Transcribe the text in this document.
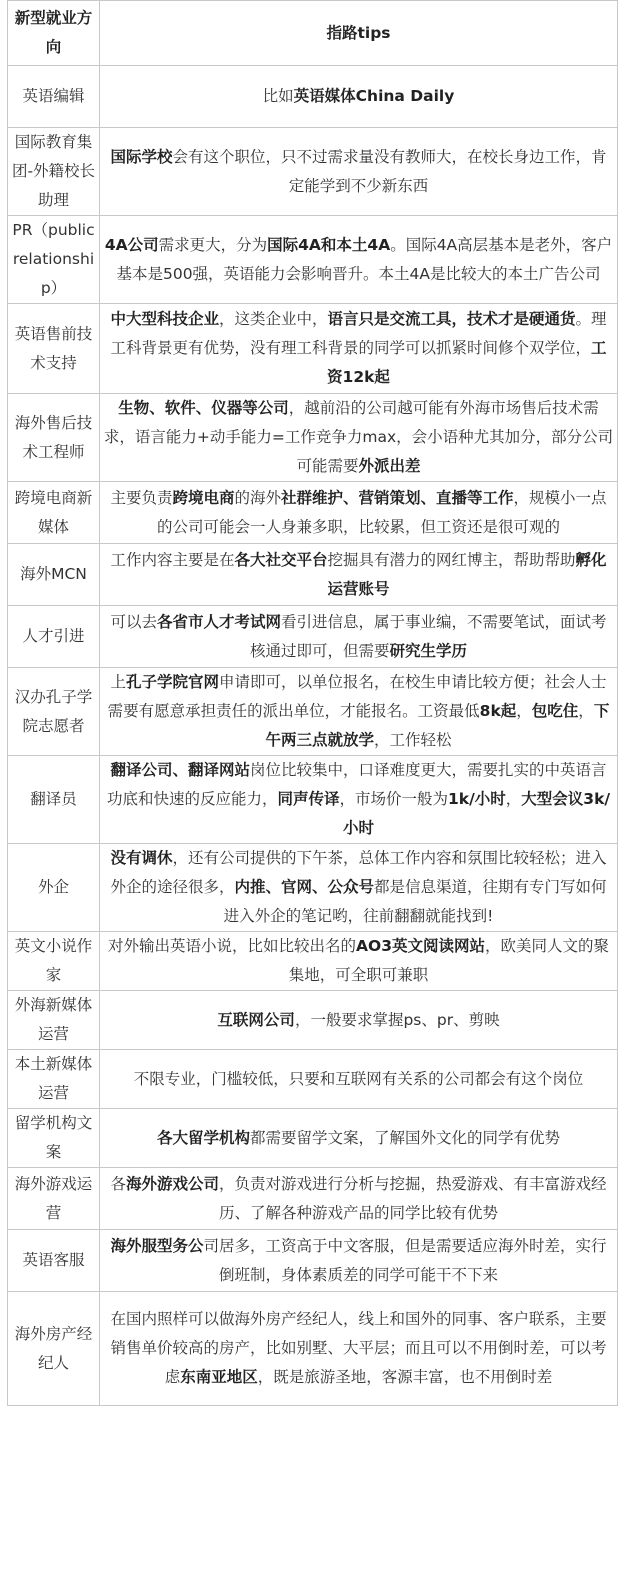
新型就业方向	指路tips
英语编辑	比如英语媒体China Daily
国际教育集团-外籍校长助理	国际学校会有这个职位，只不过需求量没有教师大，在校长身边工作，肯定能学到不少新东西
PR（public relationship）	4A公司需求更大，分为国际4A和本土4A。国际4A高层基本是老外，客户基本是500强，英语能力会影响晋升。本土4A是比较大的本土广告公司
英语售前技术支持	中大型科技企业，这类企业中，语言只是交流工具，技术才是硬通货。理工科背景更有优势，没有理工科背景的同学可以抓紧时间修个双学位，工资12k起
海外售后技术工程师	生物、软件、仪器等公司，越前沿的公司越可能有外海市场售后技术需求，语言能力+动手能力=工作竞争力max，会小语种尤其加分，部分公司可能需要外派出差
跨境电商新媒体	主要负责跨境电商的海外社群维护、营销策划、直播等工作，规模小一点的公司可能会一人身兼多职，比较累，但工资还是很可观的
海外MCN	工作内容主要是在各大社交平台挖掘具有潜力的网红博主，帮助帮助孵化运营账号
人才引进	可以去各省市人才考试网看引进信息，属于事业编，不需要笔试，面试考核通过即可，但需要研究生学历
汉办孔子学院志愿者	上孔子学院官网申请即可，以单位报名，在校生申请比较方便；社会人士需要有愿意承担责任的派出单位，才能报名。工资最低8k起，包吃住，下午两三点就放学，工作轻松
翻译员	翻译公司、翻译网站岗位比较集中，口译难度更大，需要扎实的中英语言功底和快速的反应能力，同声传译，市场价一般为1k/小时，大型会议3k/小时
外企	没有调休，还有公司提供的下午茶，总体工作内容和氛围比较轻松；进入外企的途径很多，内推、官网、公众号都是信息渠道，往期有专门写如何进入外企的笔记哟，往前翻翻就能找到!
英文小说作家	对外输出英语小说，比如比较出名的AO3英文阅读网站，欧美同人文的聚集地，可全职可兼职
外海新媒体运营	互联网公司，一般要求掌握ps、pr、剪映
本土新媒体运营	不限专业，门槛较低，只要和互联网有关系的公司都会有这个岗位
留学机构文案	各大留学机构都需要留学文案，了解国外文化的同学有优势
海外游戏运营	各海外游戏公司，负责对游戏进行分析与挖掘，热爱游戏、有丰富游戏经历、了解各种游戏产品的同学比较有优势
英语客服	海外服型务公司居多，工资高于中文客服，但是需要适应海外时差，实行倒班制，身体素质差的同学可能干不下来
海外房产经纪人	在国内照样可以做海外房产经纪人，线上和国外的同事、客户联系，主要销售单价较高的房产，比如别墅、大平层；而且可以不用倒时差，可以考虑东南亚地区，既是旅游圣地，客源丰富，也不用倒时差
